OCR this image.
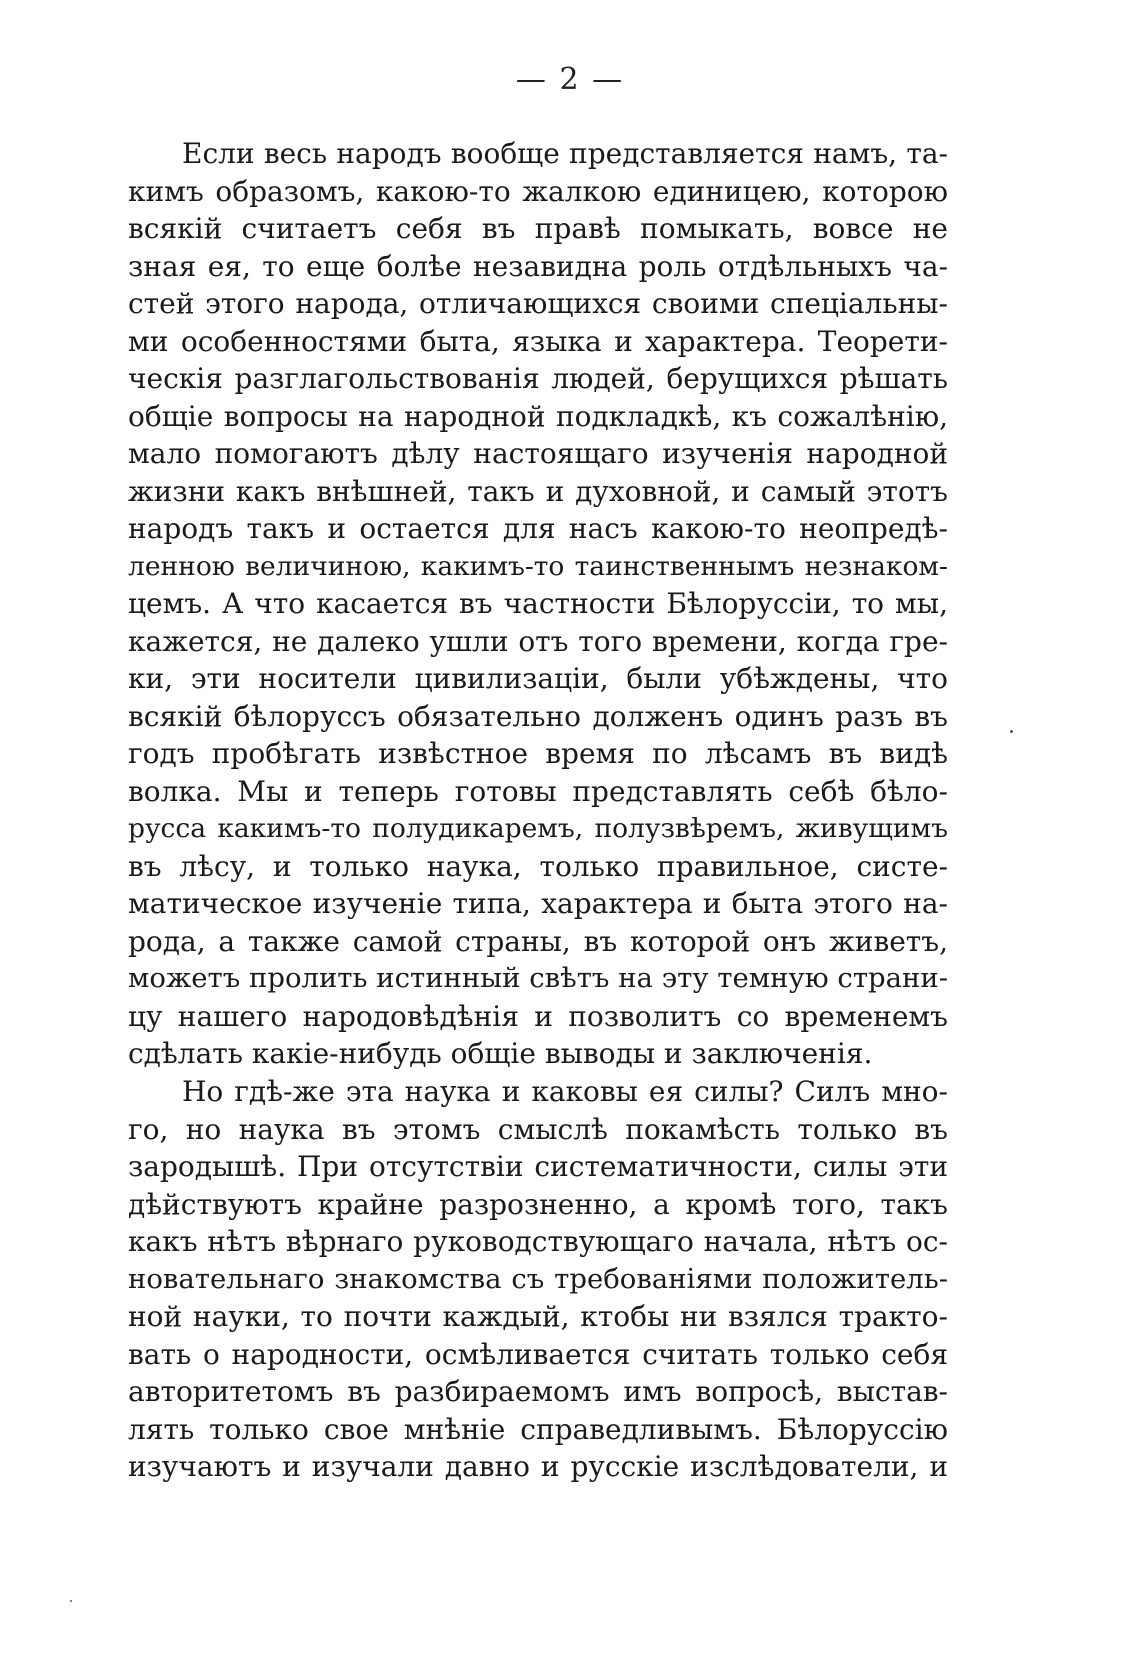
— 2 —
Если весь народъ вообще представляется намъ, та-
кимъ образомъ, какою-то жалкою единицею, которою
всякій считаетъ себя въ правѣ помыкать, вовсе не
зная ея, то еще болѣе незавидна роль отдѣльныхъ ча-
стей этого народа, отличающихся своими спеціальны-
ми особенностями быта, языка и характера. Теорети-
ческія разглагольствованія людей, берущихся рѣшать
общіе вопросы на народной подкладкѣ, къ сожалѣнію,
мало помогаютъ дѣлу настоящаго изученія народной
жизни какъ внѣшней, такъ и духовной, и самый этотъ
народъ такъ и остается для насъ какою-то неопредѣ-
ленною величиною, какимъ-то таинственнымъ незнаком-
цемъ. А что касается въ частности Бѣлоруссіи, то мы,
кажется, не далеко ушли отъ того времени, когда гре-
ки, эти носители цивилизаціи, были убѣждены, что
всякій бѣлоруссъ обязательно долженъ одинъ разъ въ
годъ пробѣгать извѣстное время по лѣсамъ въ видѣ
волка. Мы и теперь готовы представлять себѣ бѣло-
русса какимъ-то полудикаремъ, полузвѣремъ, живущимъ
въ лѣсу, и только наука, только правильное, систе-
матическое изученіе типа, характера и быта этого на-
рода, а также самой страны, въ которой онъ живетъ,
можетъ пролить истинный свѣтъ на эту темную страни-
цу нашего народовѣдѣнія и позволитъ со временемъ
сдѣлать какіе-нибудь общіе выводы и заключенія.
Но гдѣ-же эта наука и каковы ея силы? Силъ мно-
го, но наука въ этомъ смыслѣ покамѣсть только въ
зародышѣ. При отсутствіи систематичности, силы эти
дѣйствуютъ крайне разрозненно, а кромѣ того, такъ
какъ нѣтъ вѣрнаго руководствующаго начала, нѣтъ ос-
новательнаго знакомства съ требованіями положитель-
ной науки, то почти каждый, ктобы ни взялся тракто-
вать о народности, осмѣливается считать только себя
авторитетомъ въ разбираемомъ имъ вопросѣ, выстав-
лять только свое мнѣніе справедливымъ. Бѣлоруссію
изучаютъ и изучали давно и русскіе изслѣдователи, и
